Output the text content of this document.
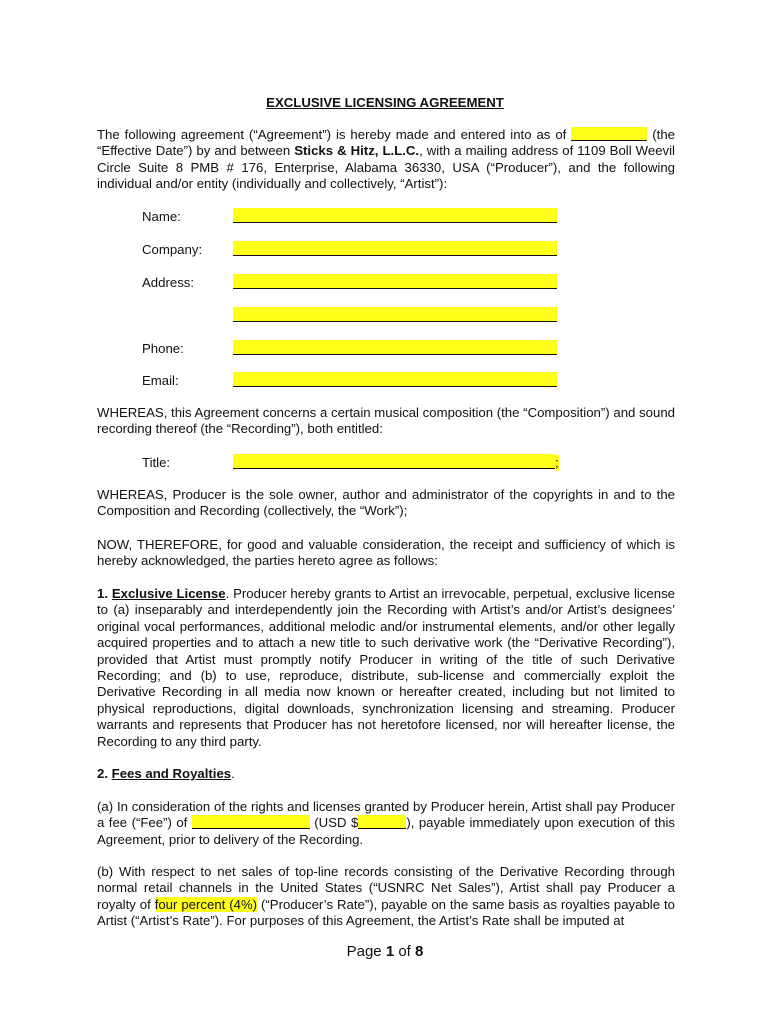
EXCLUSIVE LICENSING AGREEMENT
The following agreement (“Agreement”) is hereby made and entered into as of	(the “Effective Date”) by and between Sticks & Hitz, L.L.C., with a mailing address of 1109 Boll Weevil Circle Suite 8 PMB # 176, Enterprise, Alabama 36330, USA (“Producer”), and the following individual and/or entity (individually and collectively, “Artist”):
Name:
Company:
Address:
Phone:
Email:
WHEREAS, this Agreement concerns a certain musical composition (the “Composition”) and sound recording thereof (the “Recording”), both entitled:
Title:	;
WHEREAS, Producer is the sole owner, author and administrator of the copyrights in and to the Composition and Recording (collectively, the “Work”);
NOW, THEREFORE, for good and valuable consideration, the receipt and sufficiency of which is hereby acknowledged, the parties hereto agree as follows:
1. Exclusive License. Producer hereby grants to Artist an irrevocable, perpetual, exclusive license to (a) inseparably and interdependently join the Recording with Artist’s and/or Artist’s designees’ original vocal performances, additional melodic and/or instrumental elements, and/or other legally acquired properties and to attach a new title to such derivative work (the “Derivative Recording”), provided that Artist must promptly notify Producer in writing of the title of such Derivative Recording; and (b) to use, reproduce, distribute, sub-license and commercially exploit the Derivative Recording in all media now known or hereafter created, including but not limited to physical reproductions, digital downloads, synchronization licensing and streaming. Producer warrants and represents that Producer has not heretofore licensed, nor will hereafter license, the Recording to any third party.
2. Fees and Royalties.
(a) In consideration of the rights and licenses granted by Producer herein, Artist shall pay Producer a fee (“Fee”) of	(USD $	), payable immediately upon execution of this Agreement, prior to delivery of the Recording.
(b) With respect to net sales of top-line records consisting of the Derivative Recording through normal retail channels in the United States (“USNRC Net Sales”), Artist shall pay Producer a royalty of four percent (4%) (“Producer’s Rate”), payable on the same basis as royalties payable to Artist (“Artist’s Rate”). For purposes of this Agreement, the Artist’s Rate shall be imputed at
Page 1 of 8
